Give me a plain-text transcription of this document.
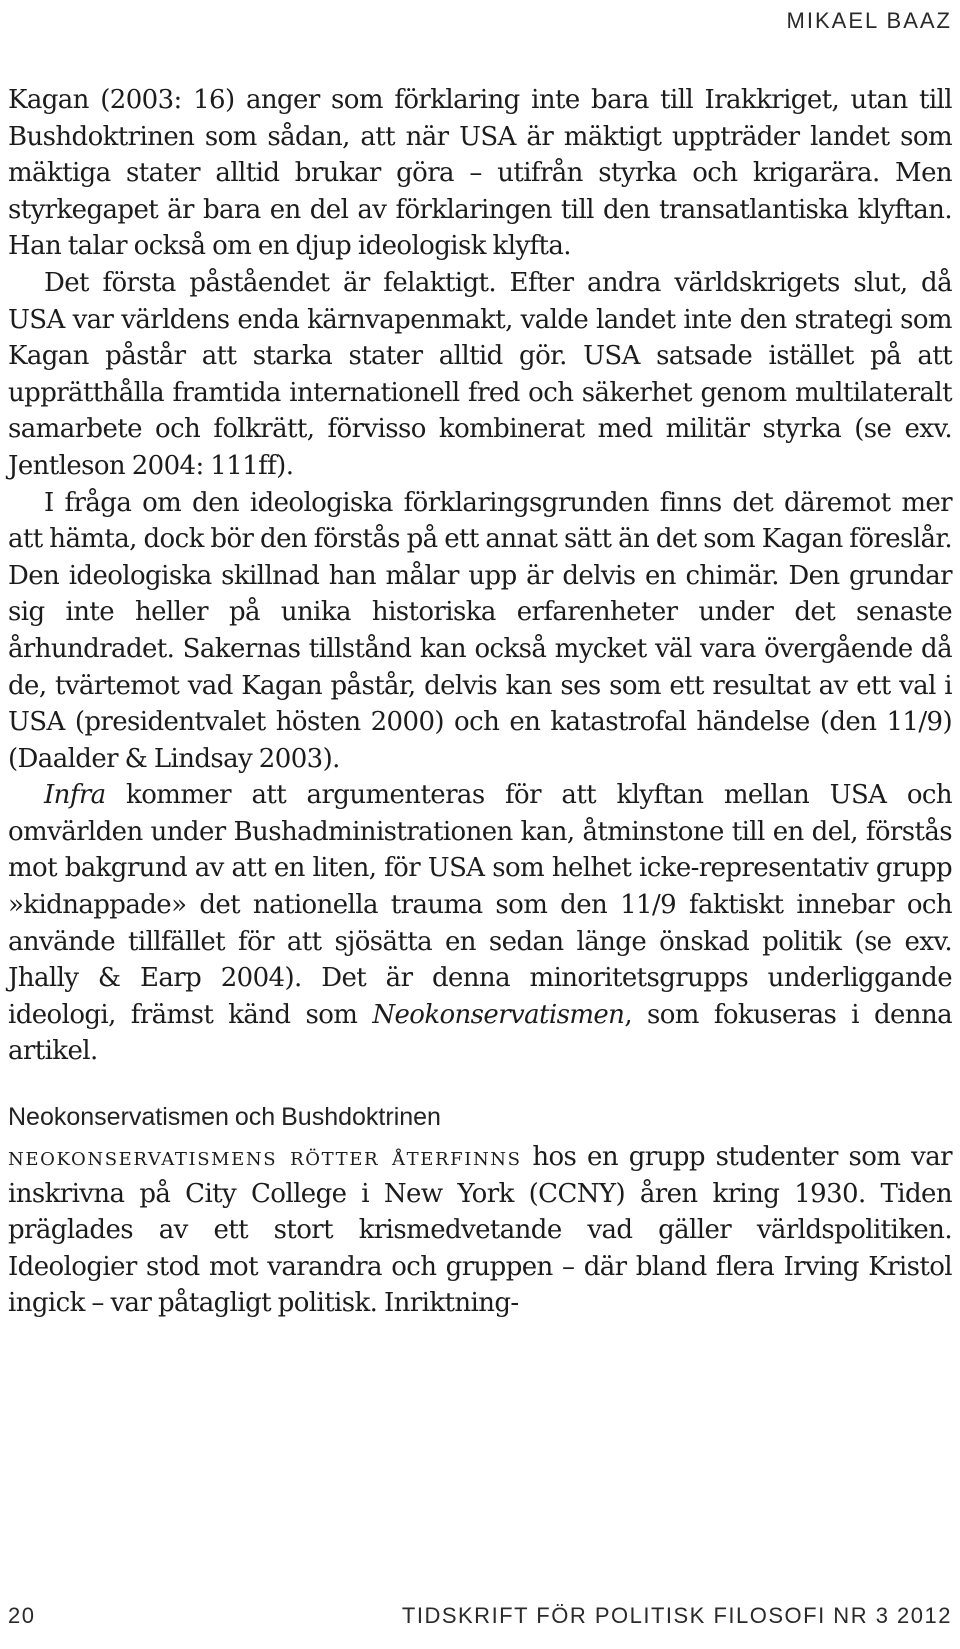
MIKAEL BAAZ

Kagan (2003: 16) anger som förklaring inte bara till Irakkriget, utan till Bushdoktrinen som sådan, att när USA är mäktigt uppträder landet som mäktiga stater alltid brukar göra – utifrån styrka och krigarära. Men styrkegapet är bara en del av förklaringen till den transatlantiska klyftan. Han talar också om en djup ideologisk klyfta.

Det första påståendet är felaktigt. Efter andra världskrigets slut, då USA var världens enda kärnvapenmakt, valde landet inte den strategi som Kagan påstår att starka stater alltid gör. USA satsade istället på att upprätthålla framtida internationell fred och säkerhet genom multilateralt samarbete och folkrätt, förvisso kombinerat med militär styrka (se exv. Jentleson 2004: 111ff).

I fråga om den ideologiska förklaringsgrunden finns det däremot mer att hämta, dock bör den förstås på ett annat sätt än det som Kagan föreslår. Den ideologiska skillnad han målar upp är delvis en chimär. Den grundar sig inte heller på unika historiska erfarenheter under det senaste århundradet. Sakernas tillstånd kan också mycket väl vara övergående då de, tvärtemot vad Kagan påstår, delvis kan ses som ett resultat av ett val i USA (presidentvalet hösten 2000) och en katastrofal händelse (den 11/9) (Daalder & Lindsay 2003).

Infra kommer att argumenteras för att klyftan mellan USA och omvärlden under Bushadministrationen kan, åtminstone till en del, förstås mot bakgrund av att en liten, för USA som helhet icke-representativ grupp »kidnappade» det nationella trauma som den 11/9 faktiskt innebar och använde tillfället för att sjösätta en sedan länge önskad politik (se exv. Jhally & Earp 2004). Det är denna minoritetsgrupps underliggande ideologi, främst känd som Neokonservatismen, som fokuseras i denna artikel.

Neokonservatismen och Bushdoktrinen

neokonservatismens rötter återfinns hos en grupp studenter som var inskrivna på City College i New York (CCNY) åren kring 1930. Tiden präglades av ett stort krismedvetande vad gäller världspolitiken. Ideologier stod mot varandra och gruppen – där bland flera Irving Kristol ingick – var påtagligt politisk. Inriktning-

20	TIDSKRIFT FÖR POLITISK FILOSOFI NR 3 2012
